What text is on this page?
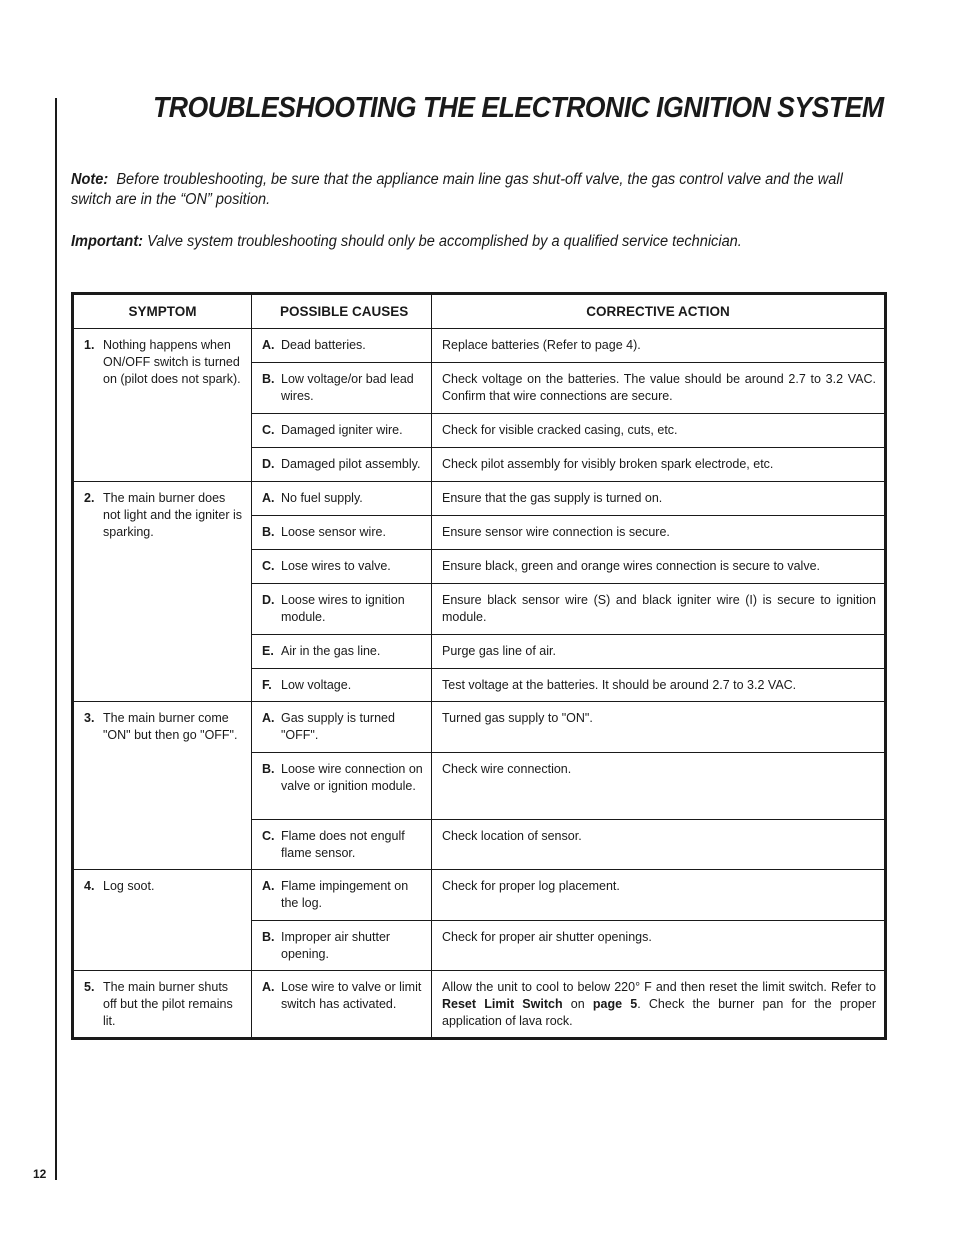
12
TROUBLESHOOTING THE ELECTRONIC IGNITION SYSTEM

Note: Before troubleshooting, be sure that the appliance main line gas shut-off valve, the gas control valve and the wall switch are in the “ON” position.

Important: Valve system troubleshooting should only be accomplished by a qualified service technician.

SYMPTOM	POSSIBLE CAUSES	CORRECTIVE ACTION

1. Nothing happens when ON/OFF switch is turned on (pilot does not spark).	A. Dead batteries.	Replace batteries (Refer to page 4).

	B. Low voltage/or bad lead wires.	Check voltage on the batteries. The value should be around 2.7 to 3.2 VAC. Confirm that wire connections are secure.

	C. Damaged igniter wire.	Check for visible cracked casing, cuts, etc.

	D. Damaged pilot assembly.	Check pilot assembly for visibly broken spark electrode, etc.

2. The main burner does not light and the igniter is sparking.	A. No fuel supply.	Ensure that the gas supply is turned on.

	B. Loose sensor wire.	Ensure sensor wire connection is secure.

	C. Lose wires to valve.	Ensure black, green and orange wires connection is secure to valve.

	D. Loose wires to ignition module.	Ensure black sensor wire (S) and black igniter wire (I) is secure to ignition module.

	E. Air in the gas line.	Purge gas line of air.

	F. Low voltage.	Test voltage at the batteries. It should be around 2.7 to 3.2 VAC.

3. The main burner come "ON" but then go "OFF".	A. Gas supply is turned "OFF".	Turned gas supply to "ON".

	B. Loose wire connection on valve or ignition module.	Check wire connection.

	C. Flame does not engulf flame sensor.	Check location of sensor.

4. Log soot.	A. Flame impingement on the log.	Check for proper log placement.

	B. Improper air shutter opening.	Check for proper air shutter openings.

5. The main burner shuts off but the pilot remains lit.	A. Lose wire to valve or limit switch has activated.	Allow the unit to cool to below 220° F and then reset the limit switch. Refer to Reset Limit Switch on page 5. Check the burner pan for the proper application of lava rock.
